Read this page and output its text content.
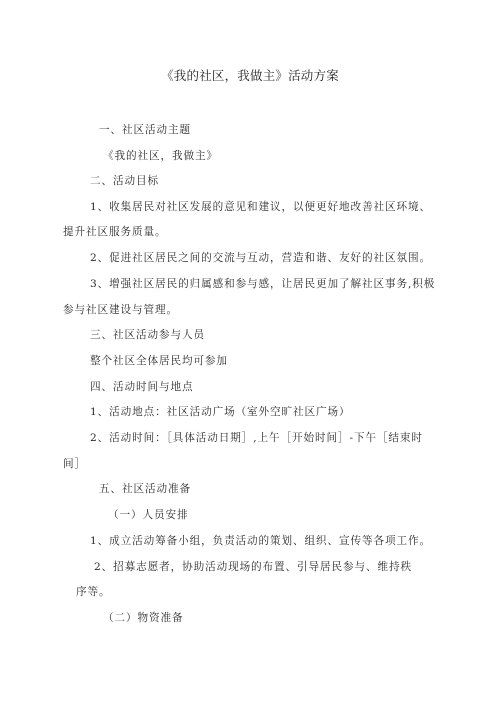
《我的社区，我做主》活动方案
一、社区活动主题
《我的社区，我做主》
二、活动目标
1、收集居民对社区发展的意见和建议，以便更好地改善社区环境、
提升社区服务质量。
2、促进社区居民之间的交流与互动，营造和谐、友好的社区氛围。
3、增强社区居民的归属感和参与感，让居民更加了解社区事务,积极
参与社区建设与管理。
三、社区活动参与人员
整个社区全体居民均可参加
四、活动时间与地点
1、活动地点：社区活动广场（室外空旷社区广场）
2、活动时间：［具体活动日期］,上午［开始时间］-下午［结束时
间］
五、社区活动准备
（一）人员安排
1、成立活动筹备小组，负责活动的策划、组织、宣传等各项工作。
2、招募志愿者，协助活动现场的布置、引导居民参与、维持秩
序等。
（二）物资准备
